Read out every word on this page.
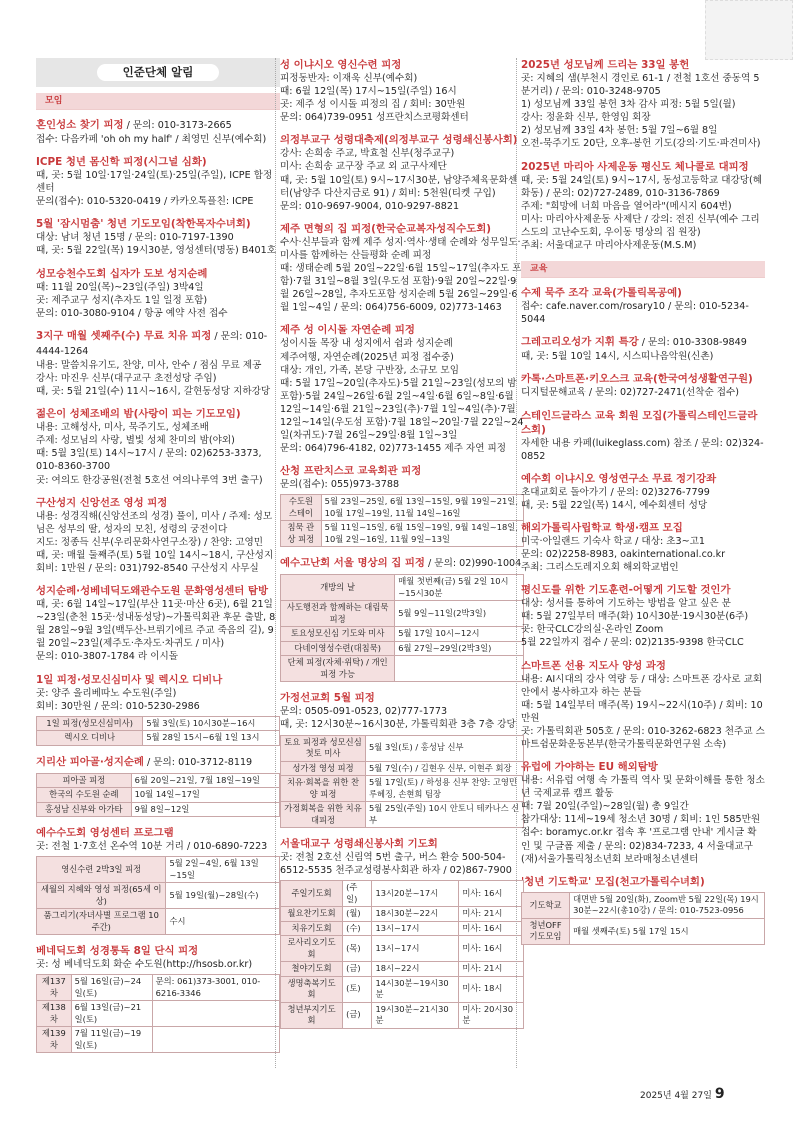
인준단체 알림
모임
혼인성소 찾기 피정 / 문의: 010-3173-2665
접수: 다음카페 'oh oh my half' / 최영민 신부(예수회)
ICPE 청년 몸신학 피정(시그널 심화)
때, 곳: 5월 10일·17일·24일(토)·25일(주일), ICPE 합정센터
문의(접수): 010-5320-0419 / 카카오톡플친: ICPE
5월 '잠시멈춤' 청년 기도모임(착한목자수녀회)
대상: 남녀 청년 15명 / 문의: 010-7197-1390
때, 곳: 5월 22일(목) 19시30분, 영성센터(명동) B401호
성모승천수도회 십자가 도보 성지순례
때: 11월 20일(목)~23일(주일) 3박4일
곳: 제주교구 성지(추자도 1일 일정 포함)
문의: 010-3080-9104 / 항공 예약 사전 접수
3지구 매월 셋째주(수) 무료 치유 피정 / 문의: 010-4444-1264
내용: 말씀치유기도, 찬양, 미사, 안수 / 점심 무료 제공
강사: 마진우 신부(대구교구 초전성당 주임)
때, 곳: 5월 21일(수) 11시~16시, 갈현동성당 지하강당
젊은이 성체조배의 밤(사랑이 피는 기도모임)
내용: 고해성사, 미사, 묵주기도, 성체조배
주제: 성모님의 사랑, 별빛 성체 찬미의 밤(야외)
때: 5월 3일(토) 14시~17시 / 문의: 02)6253-3373, 010-8360-3700
곳: 여의도 한강공원(전철 5호선 여의나루역 3번 출구)
구산성지 신앙선조 영성 피정
내용: 성경직해(신앙선조의 성경) 풀이, 미사 / 주제: 성모님은 성부의 딸, 성자의 모친, 성령의 궁전이다
지도: 정종득 신부(우리문화사연구소장) / 찬양: 고영민
때, 곳: 매월 둘째주(토) 5월 10일 14시~18시, 구산성지
회비: 1만원 / 문의: 031)792-8540 구산성지 사무실
성지순례·성베네딕도왜관수도원 문화영성센터 탐방
때, 곳: 6월 14일~17일(부산 11곳·마산 6곳), 6월 21일~23일(춘천 15곳·성내동성당)~가톨릭회관 후문 출발, 8월 28일~9월 3일(백두산-브뤼기에르 주교 죽음의 길), 9월 20일~23일(제주도·추자도·차귀도 / 미사)
문의: 010-3807-1784 라 이시돌
1일 피정·성모신심미사 및 렉시오 디비나
곳: 양주 올리베따노 수도원(주일)
회비: 30만원 / 문의: 010-5230-2986
1일 피정(성모신심미사)	5월 3일(토) 10시30분~16시
렉시오 디비나	5월 28일 15시~6월 1일 13시
지리산 피아골·성지순례 / 문의: 010-3712-8119
피아골 피정	6월 20일~21일, 7월 18일~19일
한국의 수도원 순례	10월 14일~17일
홍성남 신부와 아가타	9월 8일~12일
예수수도회 영성센터 프로그램
곳: 전철 1·7호선 온수역 10분 거리 / 010-6890-7223
영신수련 2박3일 피정	5월 2일~4일, 6월 13일~15일
세월의 지혜와 영성 피정(65세 이상)	5월 19일(월)~28일(수)
품그리기(자녀사별 프로그램 10주간)	수시
베네딕도회 성경통독 8일 단식 피정
곳: 성 베네딕도회 화순 수도원(http://hsosb.or.kr)
제137차	5월 16일(금)~24일(토)	문의: 061)373-3001, 010-6216-3346
제138차	6월 13일(금)~21일(토)	
제139차	7월 11일(금)~19일(토)	
성 이냐시오 영신수련 피정
피정동반자: 이재욱 신부(예수회)
때: 6월 12일(목) 17시~15일(주일) 16시
곳: 제주 성 이시돌 피정의 집 / 회비: 30만원
문의: 064)739-0951 성프란치스코평화센터
의정부교구 성령대축제(의정부교구 성령쇄신봉사회)
강사: 손희송 주교, 박효철 신부(청주교구)
미사: 손희송 교구장 주교 외 교구사제단
때, 곳: 5월 10일(토) 9시~17시30분, 남양주체육문화센터(남양주 다산지금로 91) / 회비: 5천원(티켓 구입)
문의: 010-9697-9004, 010-9297-8821
제주 면형의 집 피정(한국순교복자성직수도회)
수사·신부들과 함께 제주 성지·역사·생태 순례와 성무일도·미사를 함께하는 산들평화 순례 피정
때: 생태순례 5월 20일~22일·6월 15일~17일(추자도 포함)·7월 31일~8월 3일(우도섬 포함)·9월 20일~22일·9월 26일~28일, 추자도포함 성지순례 5월 26일~29일·6월 1일~4일 / 문의: 064)756-6009, 02)773-1463
제주 성 이시돌 자연순례 피정
성이시돌 목장 내 성지에서 쉼과 성지순례
제주여행, 자연순례(2025년 피정 접수중)
대상: 개인, 가족, 본당 구반장, 소규모 모임
때: 5월 17일~20일(추자도)·5월 21일~23일(성모의 밤 포함)·5월 24일~26일·6월 2일~4일·6월 6일~8일·6월 12일~14일·6월 21일~23일(추)·7월 1일~4일(추)·7월 12일~14일(우도섬 포함)·7월 18일~20일·7월 22일~24일(차귀도)·7월 26일~29일·8월 1일~3일
문의: 064)796-4182, 02)773-1455 제주 자연 피정
산청 프란치스코 교육회관 피정
문의(접수): 055)973-3788
수도원 스테이	5월 23일~25일, 6월 13일~15일, 9월 19일~21일, 10월 17일~19일, 11월 14일~16일
침묵 관상 피정	5월 11일~15일, 6월 15일~19일, 9월 14일~18일, 10월 2일~16일, 11월 9일~13일
예수고난회 서울 명상의 집 피정 / 문의: 02)990-1004
개방의 날	매월 첫번째(금) 5월 2일 10시~15시30분
사도행전과 함께하는 대림묵 피정	5월 9일~11일(2박3일)
토요성모신심 기도와 미사	5월 17일 10시~12시
다네이영성수련(대침묵)	6월 27일~29일(2박3일)
단체 피정(자체·위탁) / 개인 피정 가능	
가정선교회 5월 피정
문의: 0505-091-0523, 02)777-1773
때, 곳: 12시30분~16시30분, 가톨릭회관 3층 7층 강당
토요 피정과 성모신심 첫토 미사	5월 3일(토) / 홍성남 신부
성가정 영성 피정	5월 7일(수) / 김현우 신부, 이현주 회장
치유·회복을 위한 찬양 피정	5월 17일(토) / 하성용 신부 찬양: 고영민 루헤징, 손현희 팀장
가정회복을 위한 치유 대피정	5월 25일(주일) 10시 안토니 테카나스 신부
서울대교구 성령쇄신봉사회 기도회
곳: 전철 2호선 신림역 5번 출구, 버스 환승 500-504-6512-5535 천주교성령봉사회관 하자 / 02)867-7900
주일기도회	(주일)	13시20분~17시	미사: 16시
월요찬기도회	(월)	18시30분~22시	미사: 21시
치유기도회	(수)	13시~17시	미사: 16시
로사리오기도회	(목)	13시~17시	미사: 16시
철야기도회	(금)	18시~22시	미사: 21시
생명축복기도회	(토)	14시30분~19시30분	미사: 18시
청년부지기도회	(금)	19시30분~21시30분	미사: 20시30분
2025년 성모님께 드리는 33일 봉헌
곳: 지혜의 샘(부천시 경인로 61-1 / 전철 1호선 중동역 5분거리) / 문의: 010-3248-9705
1) 성모님께 33일 봉헌 3차 감사 피정: 5월 5일(월)
강사: 정윤화 신부, 한영임 회장
2) 성모님께 33일 4차 봉헌: 5월 7일~6월 8일
오전-묵주기도 20단, 오후-봉헌 기도(강의·기도·파견미사)
2025년 마리아 사제운동 평신도 체나콜로 대피정
때, 곳: 5월 24일(토) 9시~17시, 동성고등학교 대강당(혜화동) / 문의: 02)727-2489, 010-3136-7869
주제: "희망에 너희 마음을 열어라"(메시지 604번)
미사: 마리아사제운동 사제단 / 강의: 전진 신부(예수 그리스도의 고난수도회, 우이동 명상의 집 원장)
주최: 서울대교구 마리아사제운동(M.S.M)
교육
수제 묵주 조각 교육(가톨릭목공예)
접수: cafe.naver.com/rosary10 / 문의: 010-5234-5044
그레고리오성가 지휘 특강 / 문의: 010-3308-9849
때, 곳: 5월 10일 14시, 시스띠나음악원(신촌)
카톡·스마트폰·키오스크 교육(한국여성생활연구원)
디지털문해교육 / 문의: 02)727-2471(선착순 접수)
스테인드글라스 교육 회원 모집(가톨릭스테인드글라스회)
자세한 내용 카페(luikeglass.com) 참조 / 문의: 02)324-0852
예수회 이냐시오 영성연구소 무료 정기강좌
초대교회로 돌아가기 / 문의: 02)3276-7799
때, 곳: 5월 22일(목) 14시, 예수회센터 성당
해외가톨릭사립학교 학생·캠프 모집
미국·아일랜드 기숙사 학교 / 대상: 초3~고1
문의: 02)2258-8983, oakinternational.co.kr
주최: 그리스도레지오회 해외학교법인
평신도를 위한 기도훈련-어떻게 기도할 것인가
대상: 성서를 통하여 기도하는 방법을 알고 싶은 분
때: 5월 27일부터 매주(화) 10시30분·19시30분(6주)
곳: 한국CLC강의실·온라인 Zoom
5월 22일까지 접수 / 문의: 02)2135-9398 한국CLC
스마트폰 선용 지도사 양성 과정
내용: AI시대의 강사 역량 등 / 대상: 스마트폰 강사로 교회 안에서 봉사하고자 하는 분들
때: 5월 14일부터 매주(목) 19시~22시(10주) / 회비: 10만원
곳: 가톨릭회관 505호 / 문의: 010-3262-6823 천주교 스마트쉼문화운동본부(한국가톨릭문화연구원 소속)
유럽에 가야하는 EU 해외탐방
내용: 서유럽 여행 속 가톨릭 역사 및 문화이해를 통한 청소년 국제교류 캠프 활동
때: 7월 20일(주일)~28일(월) 총 9일간
참가대상: 11세~19세 청소년 30명 / 회비: 1인 585만원
접수: boramyc.or.kr 접속 후 '프로그램 안내' 게시글 확인 및 구글폼 제출 / 문의: 02)834-7233, 4 서울대교구 (재)서울가톨릭청소년회 보라매청소년센터
'청년 기도학교' 모집(천고가톨릭수녀회)
기도학교	대면반 5월 20일(화), Zoom반 5월 22일(목) 19시30분~22시(총10강) / 문의: 010-7523-0956
청년OFF 기도모임	매월 셋째주(토) 5월 17일 15시
2025년 4월 27일 9
